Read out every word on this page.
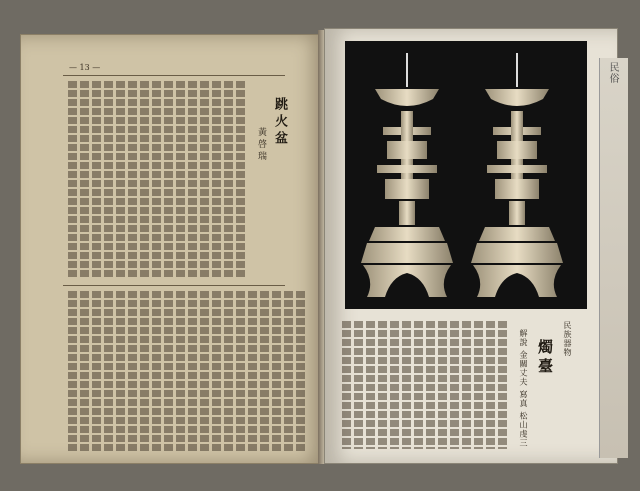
— 13 —
跳火盆
黃啓瑞
民族器物
燭臺
解說 金關丈夫 寫真 松山虔三
民俗
